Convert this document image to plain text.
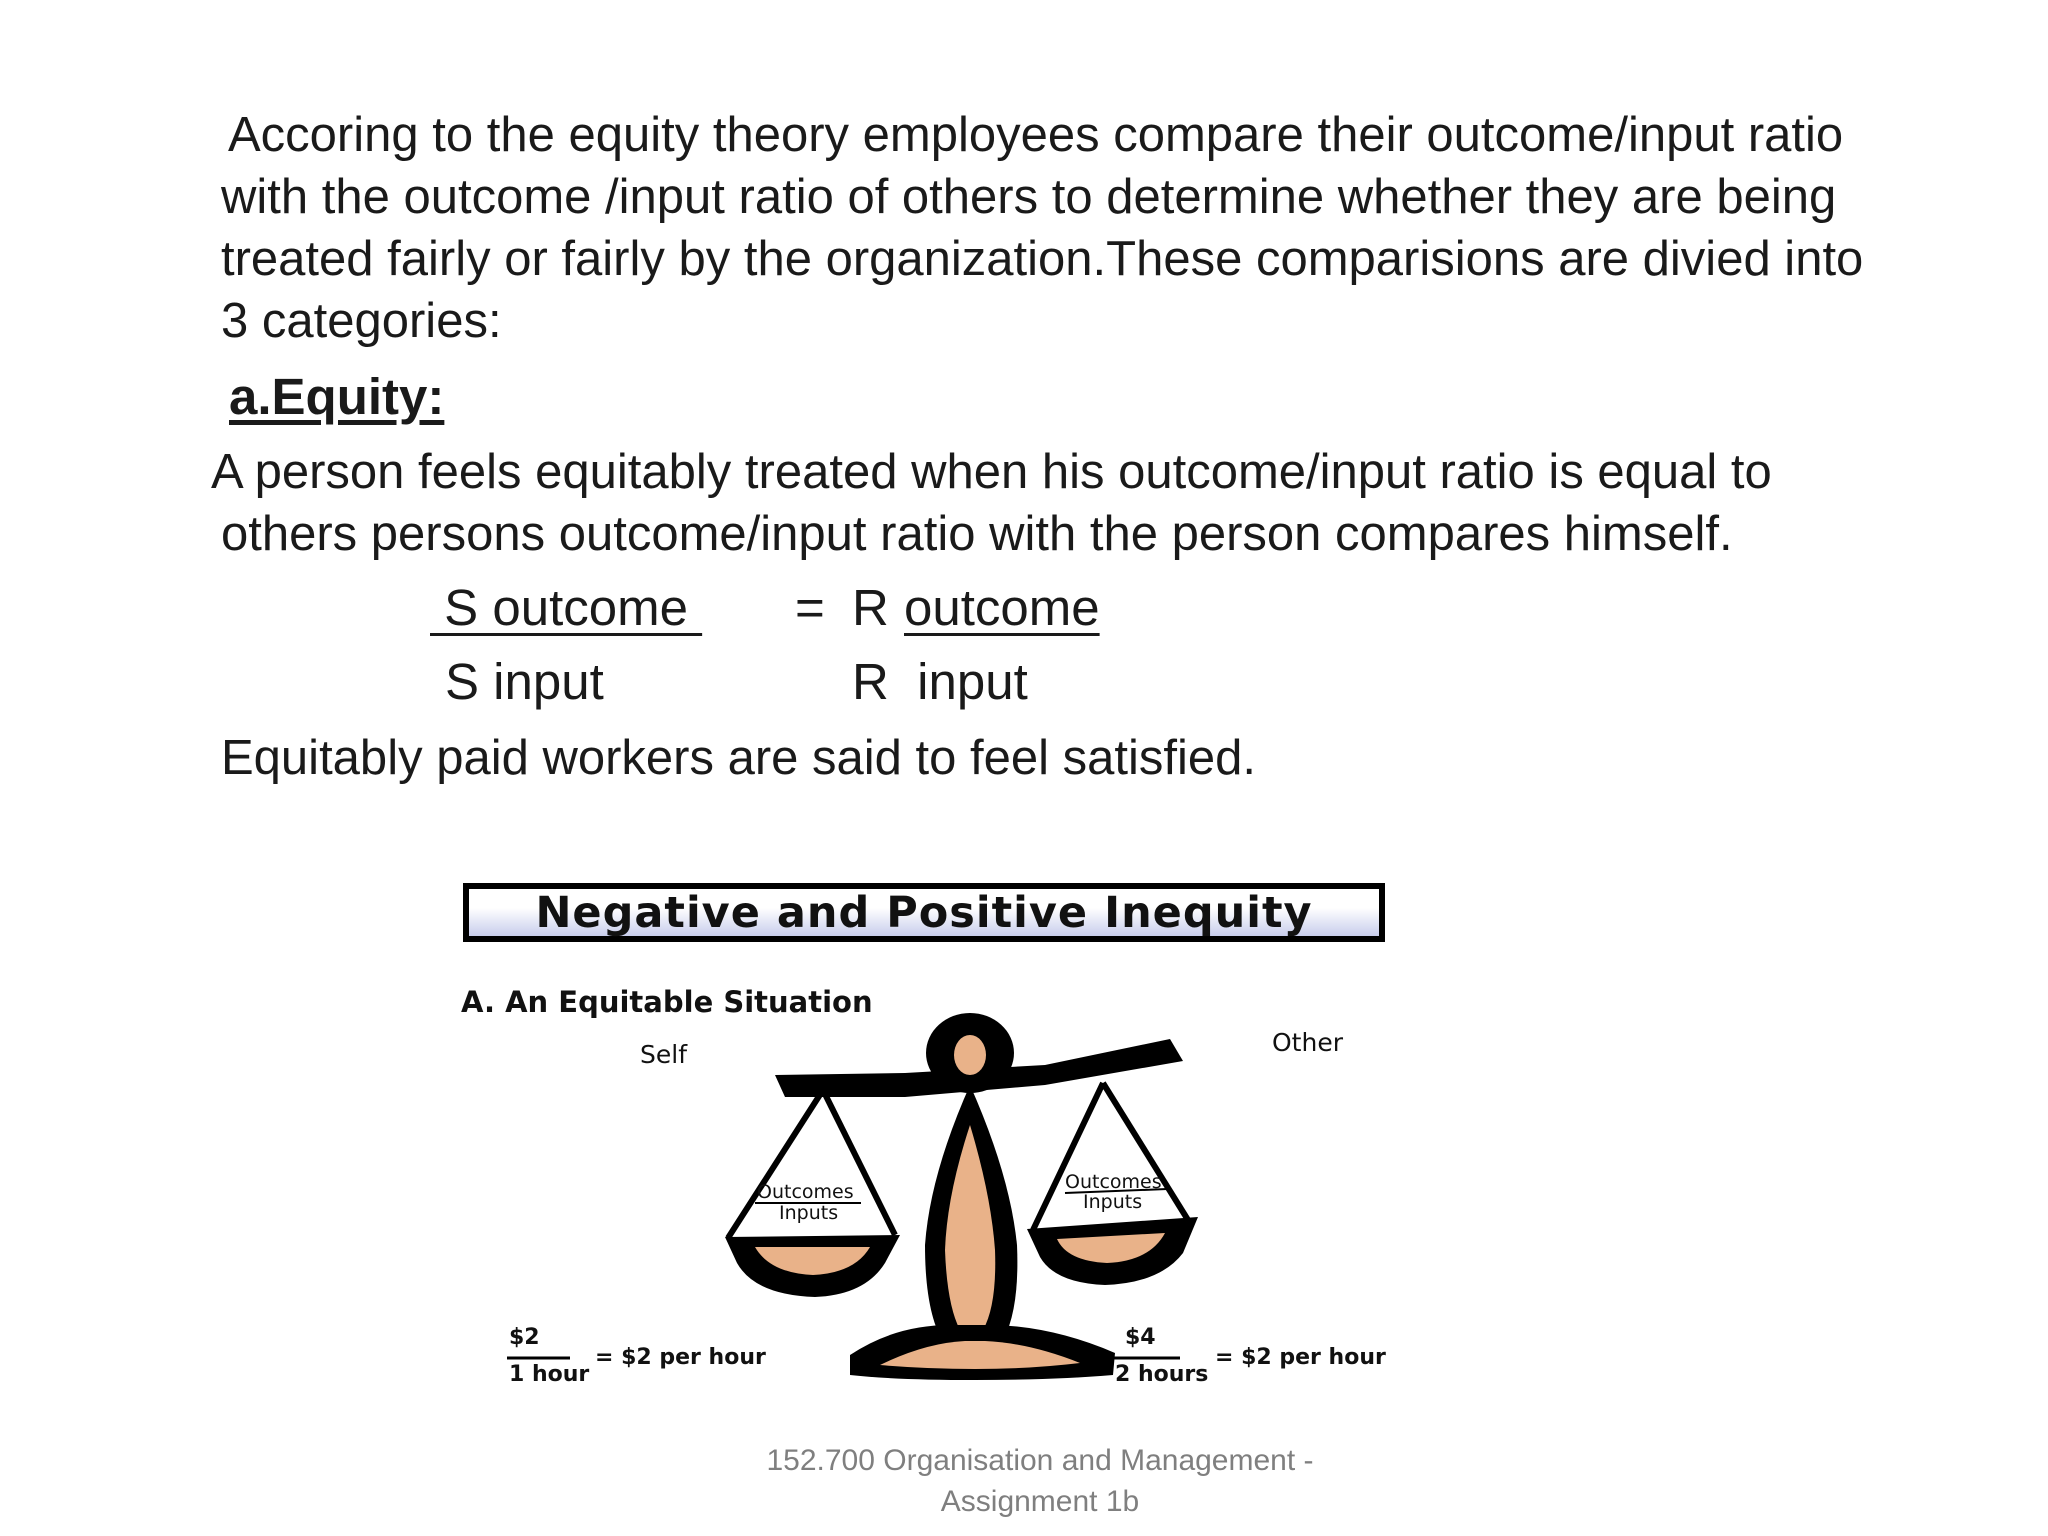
Accoring to the equity theory employees compare their outcome/input ratio
with the outcome /input ratio of others to determine whether they are being
treated fairly or fairly by the organization.These comparisions are divied into
3 categories:
a.Equity:
A person feels equitably treated when his outcome/input ratio is equal to
others persons outcome/input ratio with the person compares himself.
S outcome = R outcome
S input	R  input
Equitably paid workers are said to feel satisfied.
Negative and Positive Inequity
A. An Equitable Situation
Self	Other
Outcomes
Inputs
Outcomes
Inputs
$2
1 hour
= $2 per hour
$4
2 hours
= $2 per hour
152.700 Organisation and Management -
Assignment 1b
